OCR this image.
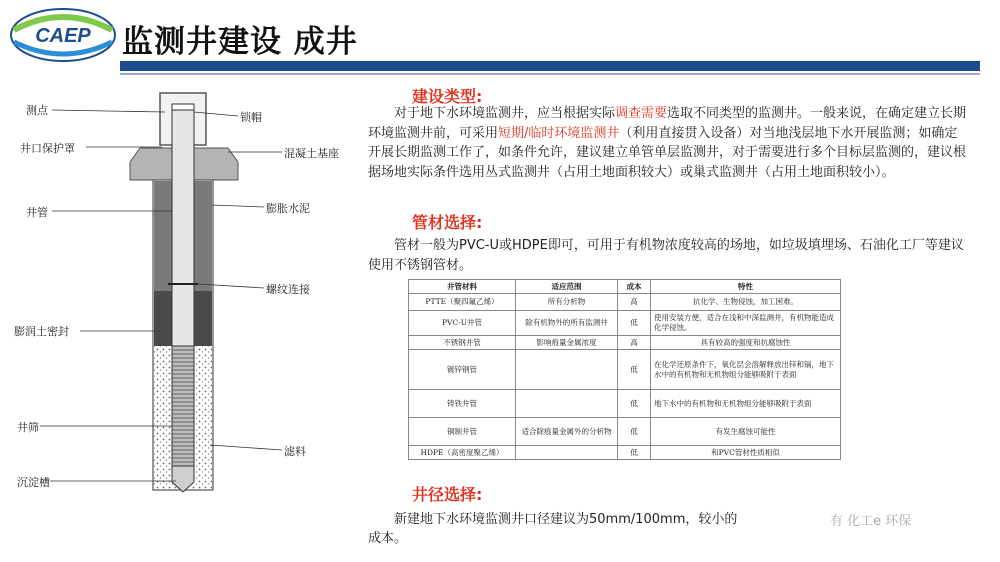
CAEP 监测井建设 成井
测点
井口保护罩
井管
膨润土密封
井筛
沉淀槽
锁帽
混凝土基座
膨胀水泥
螺纹连接
滤料
建设类型:
对于地下水环境监测井，应当根据实际调查需要选取不同类型的监测井。一般来说，在确定建立长期环境监测井前，可采用短期/临时环境监测井（利用直接贯入设备）对当地浅层地下水开展监测；如确定开展长期监测工作了，如条件允许，建议建立单管单层监测井，对于需要进行多个目标层监测的，建议根据场地实际条件选用丛式监测井（占用土地面积较大）或巢式监测井（占用土地面积较小）。
管材选择:
管材一般为PVC-U或HDPE即可，可用于有机物浓度较高的场地，如垃圾填埋场、石油化工厂等建议使用不锈钢管材。
井管材料	适应范围	成本	特性
PTTE（聚四氟乙烯）	所有分析物	高	抗化学、生物侵蚀，加工困难。
PVC-U井管	除有机物外的所有监测井	低	使用安装方便，适合在浅和中深监测井，有机物能造成化学侵蚀。
不锈钢井管	影响痕量金属浓度	高	具有较高的强度和抗腐蚀性
镀锌钢管		低	在化学还原条件下，氧化层会溶解释放出锌和镉，地下水中的有机物和无机物组分能够吸附于表面
铸铁井管		低	地下水中的有机物和无机物组分能够吸附于表面
铜制井管	适合除痕量金属外的分析物	低	有发生腐蚀可能性
HDPE（高密度聚乙烯）		低	和PVC管材性质相似
井径选择:
新建地下水环境监测井口径建议为50mm/100mm，较小的
成本。
有 化工e 环保
